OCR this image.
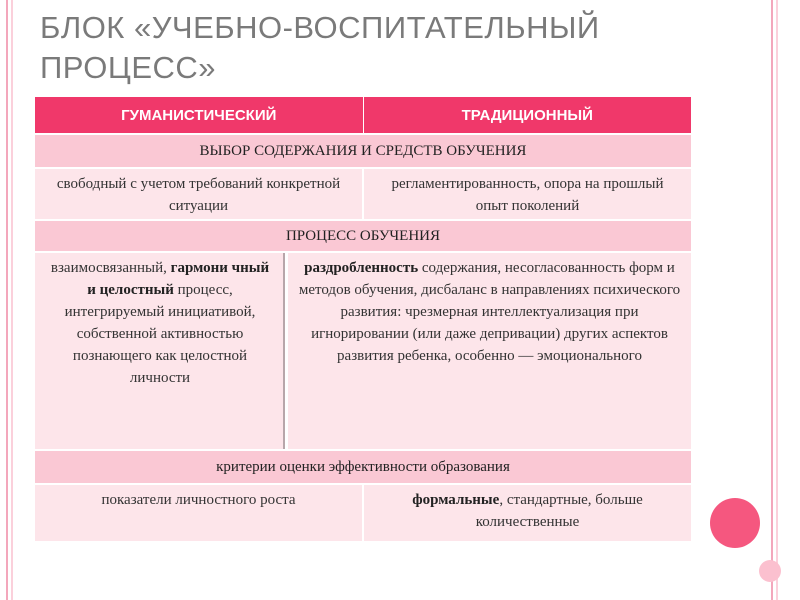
БЛОК «УЧЕБНО-ВОСПИТАТЕЛЬНЫЙ ПРОЦЕСС»
ГУМАНИСТИЧЕСКИЙ	ТРАДИЦИОННЫЙ
ВЫБОР СОДЕРЖАНИЯ И СРЕДСТВ ОБУЧЕНИЯ
свободный с учетом требований конкретной ситуации
регламентированность, опора на прошлый опыт поколений
ПРОЦЕСС ОБУЧЕНИЯ
взаимосвязанный, гармони чный и целостный процесс, интегрируемый инициативой, собственной активностью познающего как целостной личности
раздробленность содержания, несогласованность форм и методов обучения, дисбаланс в направлениях психического развития: чрезмерная интеллектуализация при игнорировании (или даже депривации) других аспектов развития ребенка, особенно — эмоционального
критерии оценки эффективности образования
показатели личностного роста	формальные, стандартные, больше количественные
